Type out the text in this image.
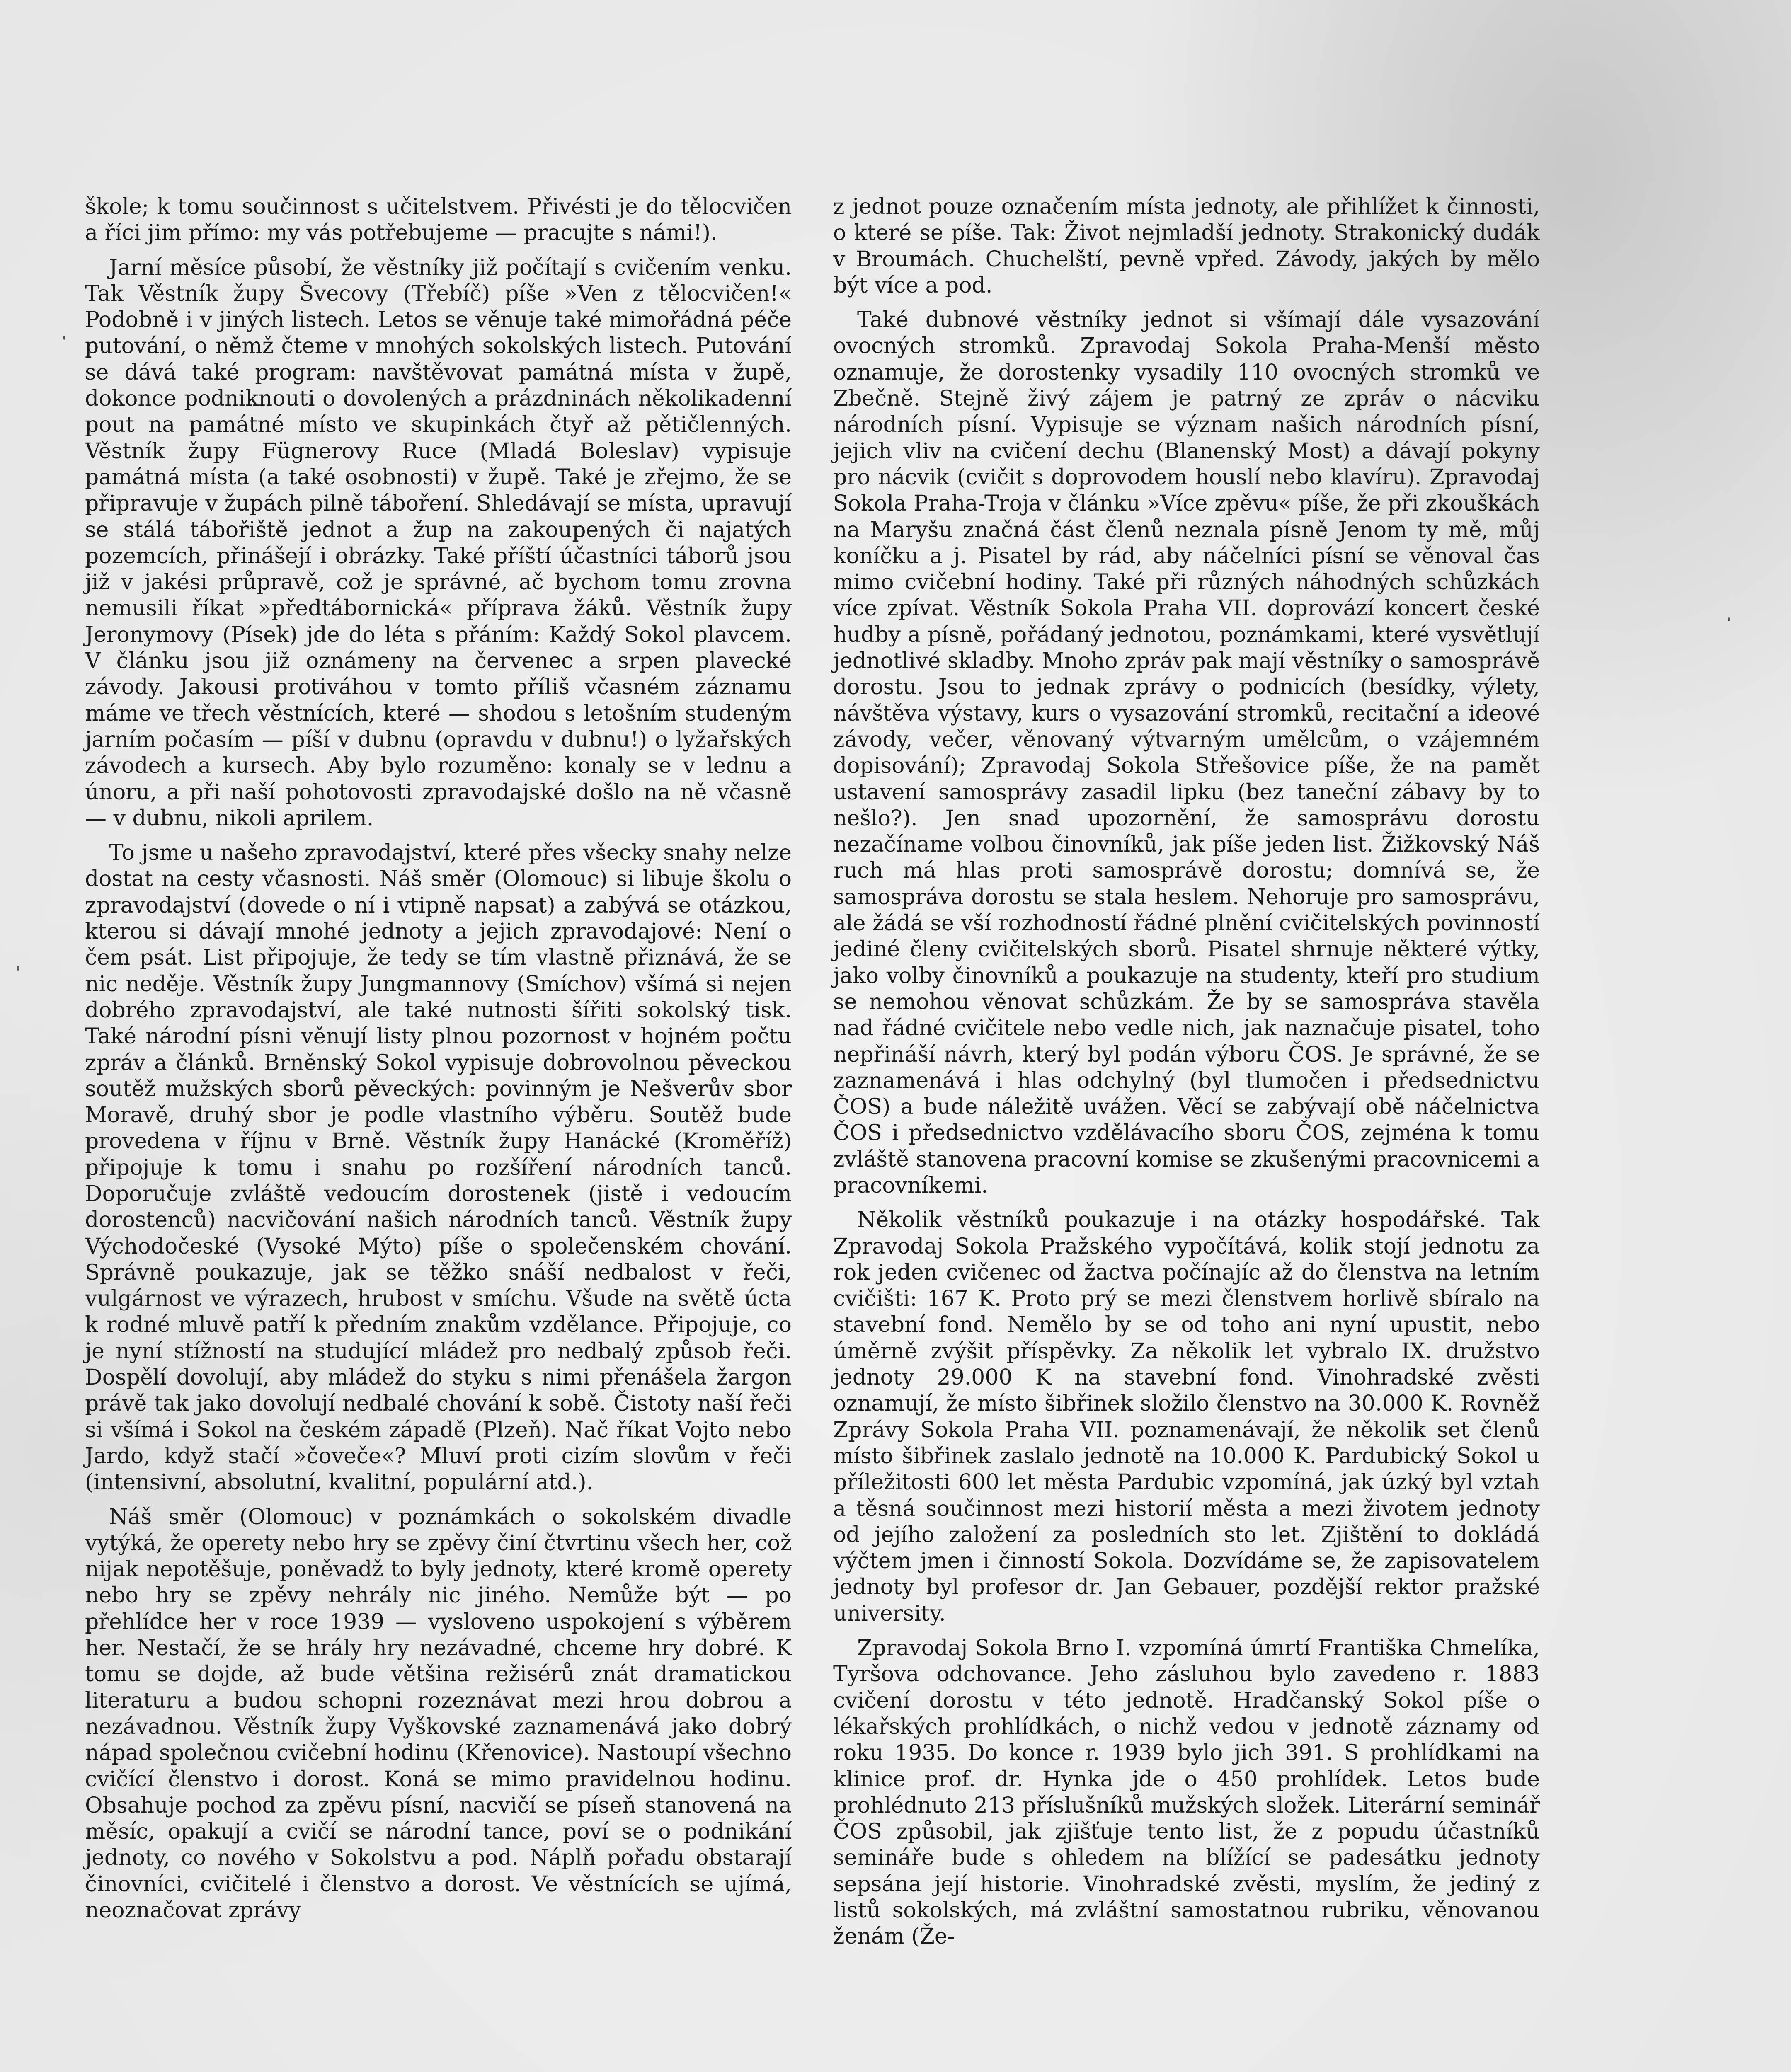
škole; k tomu součinnost s učitelstvem. Přivésti je do tělocvičen a říci jim přímo: my vás potřebujeme — pracujte s námi!).

Jarní měsíce působí, že věstníky již počítají s cvičením venku. Tak Věstník župy Švecovy (Třebíč) píše »Ven z tělocvičen!« Podobně i v jiných listech. Letos se věnuje také mimořádná péče putování, o němž čteme v mnohých sokolských listech. Putování se dává také program: navštěvovat památná místa v župě, dokonce podniknouti o dovolených a prázdninách několikadenní pout na památné místo ve skupinkách čtyř až pětičlenných. Věstník župy Fügnerovy Ruce (Mladá Boleslav) vypisuje památná místa (a také osobnosti) v župě. Také je zřejmo, že se připravuje v župách pilně táboření. Shledávají se místa, upravují se stálá tábořiště jednot a žup na zakoupených či najatých pozemcích, přinášejí i obrázky. Také příští účastníci táborů jsou již v jakési průpravě, což je správné, ač bychom tomu zrovna nemusili říkat »předtábornická« příprava žáků. Věstník župy Jeronymovy (Písek) jde do léta s přáním: Každý Sokol plavcem. V článku jsou již oznámeny na červenec a srpen plavecké závody. Jakousi protiváhou v tomto příliš včasném záznamu máme ve třech věstnících, které — shodou s letošním studeným jarním počasím — píší v dubnu (opravdu v dubnu!) o lyžařských závodech a kursech. Aby bylo rozuměno: konaly se v lednu a únoru, a při naší pohotovosti zpravodajské došlo na ně včasně — v dubnu, nikoli aprilem.

To jsme u našeho zpravodajství, které přes všecky snahy nelze dostat na cesty včasnosti. Náš směr (Olomouc) si libuje školu o zpravodajství (dovede o ní i vtipně napsat) a zabývá se otázkou, kterou si dávají mnohé jednoty a jejich zpravodajové: Není o čem psát. List připojuje, že tedy se tím vlastně přiznává, že se nic neděje. Věstník župy Jungmannovy (Smíchov) všímá si nejen dobrého zpravodajství, ale také nutnosti šířiti sokolský tisk. Také národní písni věnují listy plnou pozornost v hojném počtu zpráv a článků. Brněnský Sokol vypisuje dobrovolnou pěveckou soutěž mužských sborů pěveckých: povinným je Nešverův sbor Moravě, druhý sbor je podle vlastního výběru. Soutěž bude provedena v říjnu v Brně. Věstník župy Hanácké (Kroměříž) připojuje k tomu i snahu po rozšíření národních tanců. Doporučuje zvláště vedoucím dorostenek (jistě i vedoucím dorostenců) nacvičování našich národních tanců. Věstník župy Východočeské (Vysoké Mýto) píše o společenském chování. Správně poukazuje, jak se těžko snáší nedbalost v řeči, vulgárnost ve výrazech, hrubost v smíchu. Všude na světě úcta k rodné mluvě patří k předním znakům vzdělance. Připojuje, co je nyní stížností na studující mládež pro nedbalý způsob řeči. Dospělí dovolují, aby mládež do styku s nimi přenášela žargon právě tak jako dovolují nedbalé chování k sobě. Čistoty naší řeči si všímá i Sokol na českém západě (Plzeň). Nač říkat Vojto nebo Jardo, když stačí »čoveče«? Mluví proti cizím slovům v řeči (intensivní, absolutní, kvalitní, populární atd.).

Náš směr (Olomouc) v poznámkách o sokolském divadle vytýká, že operety nebo hry se zpěvy činí čtvrtinu všech her, což nijak nepotěšuje, poněvadž to byly jednoty, které kromě operety nebo hry se zpěvy nehrály nic jiného. Nemůže být — po přehlídce her v roce 1939 — vysloveno uspokojení s výběrem her. Nestačí, že se hrály hry nezávadné, chceme hry dobré. K tomu se dojde, až bude většina režisérů znát dramatickou literaturu a budou schopni rozeznávat mezi hrou dobrou a nezávadnou. Věstník župy Vyškovské zaznamenává jako dobrý nápad společnou cvičební hodinu (Křenovice). Nastoupí všechno cvičící členstvo i dorost. Koná se mimo pravidelnou hodinu. Obsahuje pochod za zpěvu písní, nacvičí se píseň stanovená na měsíc, opakují a cvičí se národní tance, poví se o podnikání jednoty, co nového v Sokolstvu a pod. Náplň pořadu obstarají činovníci, cvičitelé i členstvo a dorost. Ve věstnících se ujímá, neoznačovat zprávy

z jednot pouze označením místa jednoty, ale přihlížet k činnosti, o které se píše. Tak: Život nejmladší jednoty. Strakonický dudák v Broumách. Chuchelští, pevně vpřed. Závody, jakých by mělo být více a pod.

Také dubnové věstníky jednot si všímají dále vysazování ovocných stromků. Zpravodaj Sokola Praha-Menší město oznamuje, že dorostenky vysadily 110 ovocných stromků ve Zbečně. Stejně živý zájem je patrný ze zpráv o nácviku národních písní. Vypisuje se význam našich národních písní, jejich vliv na cvičení dechu (Blanenský Most) a dávají pokyny pro nácvik (cvičit s doprovodem houslí nebo klavíru). Zpravodaj Sokola Praha-Troja v článku »Více zpěvu« píše, že při zkouškách na Maryšu značná část členů neznala písně Jenom ty mě, můj koníčku a j. Pisatel by rád, aby náčelníci písní se věnoval čas mimo cvičební hodiny. Také při různých náhodných schůzkách více zpívat. Věstník Sokola Praha VII. doprovází koncert české hudby a písně, pořádaný jednotou, poznámkami, které vysvětlují jednotlivé skladby. Mnoho zpráv pak mají věstníky o samosprávě dorostu. Jsou to jednak zprávy o podnicích (besídky, výlety, návštěva výstavy, kurs o vysazování stromků, recitační a ideové závody, večer, věnovaný výtvarným umělcům, o vzájemném dopisování); Zpravodaj Sokola Střešovice píše, že na pamět ustavení samosprávy zasadil lipku (bez taneční zábavy by to nešlo?). Jen snad upozornění, že samosprávu dorostu nezačíname volbou činovníků, jak píše jeden list. Žižkovský Náš ruch má hlas proti samosprávě dorostu; domnívá se, že samospráva dorostu se stala heslem. Nehoruje pro samosprávu, ale žádá se vší rozhodností řádné plnění cvičitelských povinností jediné členy cvičitelských sborů. Pisatel shrnuje některé výtky, jako volby činovníků a poukazuje na studenty, kteří pro studium se nemohou věnovat schůzkám. Že by se samospráva stavěla nad řádné cvičitele nebo vedle nich, jak naznačuje pisatel, toho nepřináší návrh, který byl podán výboru ČOS. Je správné, že se zaznamenává i hlas odchylný (byl tlumočen i předsednictvu ČOS) a bude náležitě uvážen. Věcí se zabývají obě náčelnictva ČOS i předsednictvo vzdělávacího sboru ČOS, zejména k tomu zvláště stanovena pracovní komise se zkušenými pracovnicemi a pracovníkemi.

Několik věstníků poukazuje i na otázky hospodářské. Tak Zpravodaj Sokola Pražského vypočítává, kolik stojí jednotu za rok jeden cvičenec od žactva počínajíc až do členstva na letním cvičišti: 167 K. Proto prý se mezi členstvem horlivě sbíralo na stavební fond. Nemělo by se od toho ani nyní upustit, nebo úměrně zvýšit příspěvky. Za několik let vybralo IX. družstvo jednoty 29.000 K na stavební fond. Vinohradské zvěsti oznamují, že místo šibřinek složilo členstvo na 30.000 K. Rovněž Zprávy Sokola Praha VII. poznamenávají, že několik set členů místo šibřinek zaslalo jednotě na 10.000 K. Pardubický Sokol u příležitosti 600 let města Pardubic vzpomíná, jak úzký byl vztah a těsná součinnost mezi historií města a mezi životem jednoty od jejího založení za posledních sto let. Zjištění to dokládá výčtem jmen i činností Sokola. Dozvídáme se, že zapisovatelem jednoty byl profesor dr. Jan Gebauer, pozdější rektor pražské university.

Zpravodaj Sokola Brno I. vzpomíná úmrtí Františka Chmelíka, Tyršova odchovance. Jeho zásluhou bylo zavedeno r. 1883 cvičení dorostu v této jednotě. Hradčanský Sokol píše o lékařských prohlídkách, o nichž vedou v jednotě záznamy od roku 1935. Do konce r. 1939 bylo jich 391. S prohlídkami na klinice prof. dr. Hynka jde o 450 prohlídek. Letos bude prohlédnuto 213 příslušníků mužských složek. Literární seminář ČOS způsobil, jak zjišťuje tento list, že z popudu účastníků semináře bude s ohledem na blížící se padesátku jednoty sepsána její historie. Vinohradské zvěsti, myslím, že jediný z listů sokolských, má zvláštní samostatnou rubriku, věnovanou ženám (Že-
